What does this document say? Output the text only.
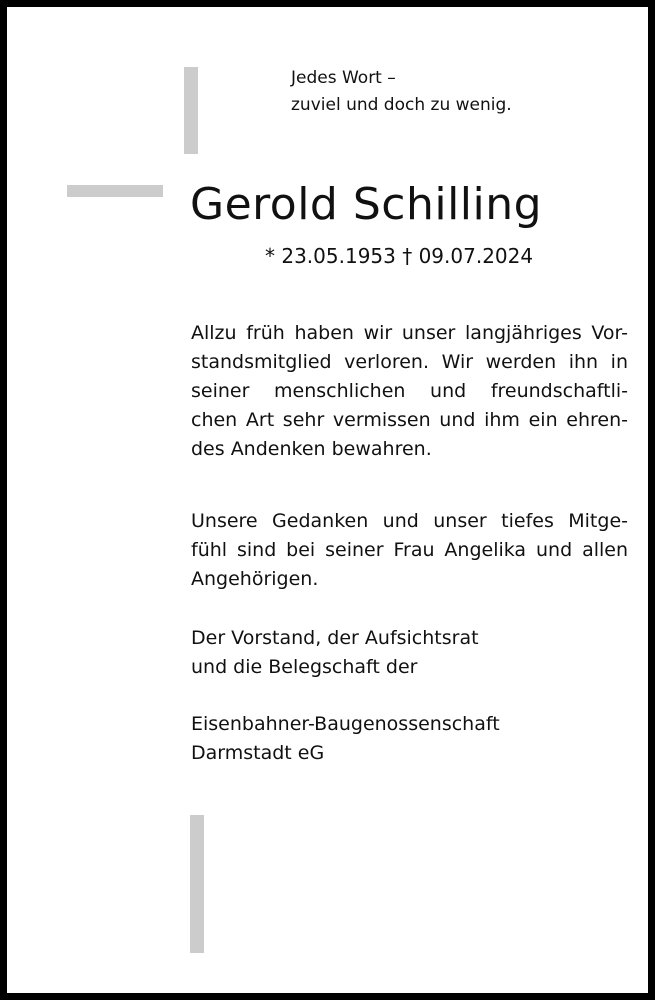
Jedes Wort –
zuviel und doch zu wenig.
Gerold Schilling
* 23.05.1953 † 09.07.2024
Allzu früh haben wir unser langjähriges Vor-
standsmitglied verloren. Wir werden ihn in
seiner menschlichen und freundschaftli-
chen Art sehr vermissen und ihm ein ehren-
des Andenken bewahren.
Unsere Gedanken und unser tiefes Mitge-
fühl sind bei seiner Frau Angelika und allen
Angehörigen.
Der Vorstand, der Aufsichtsrat
und die Belegschaft der
Eisenbahner-Baugenossenschaft
Darmstadt eG
